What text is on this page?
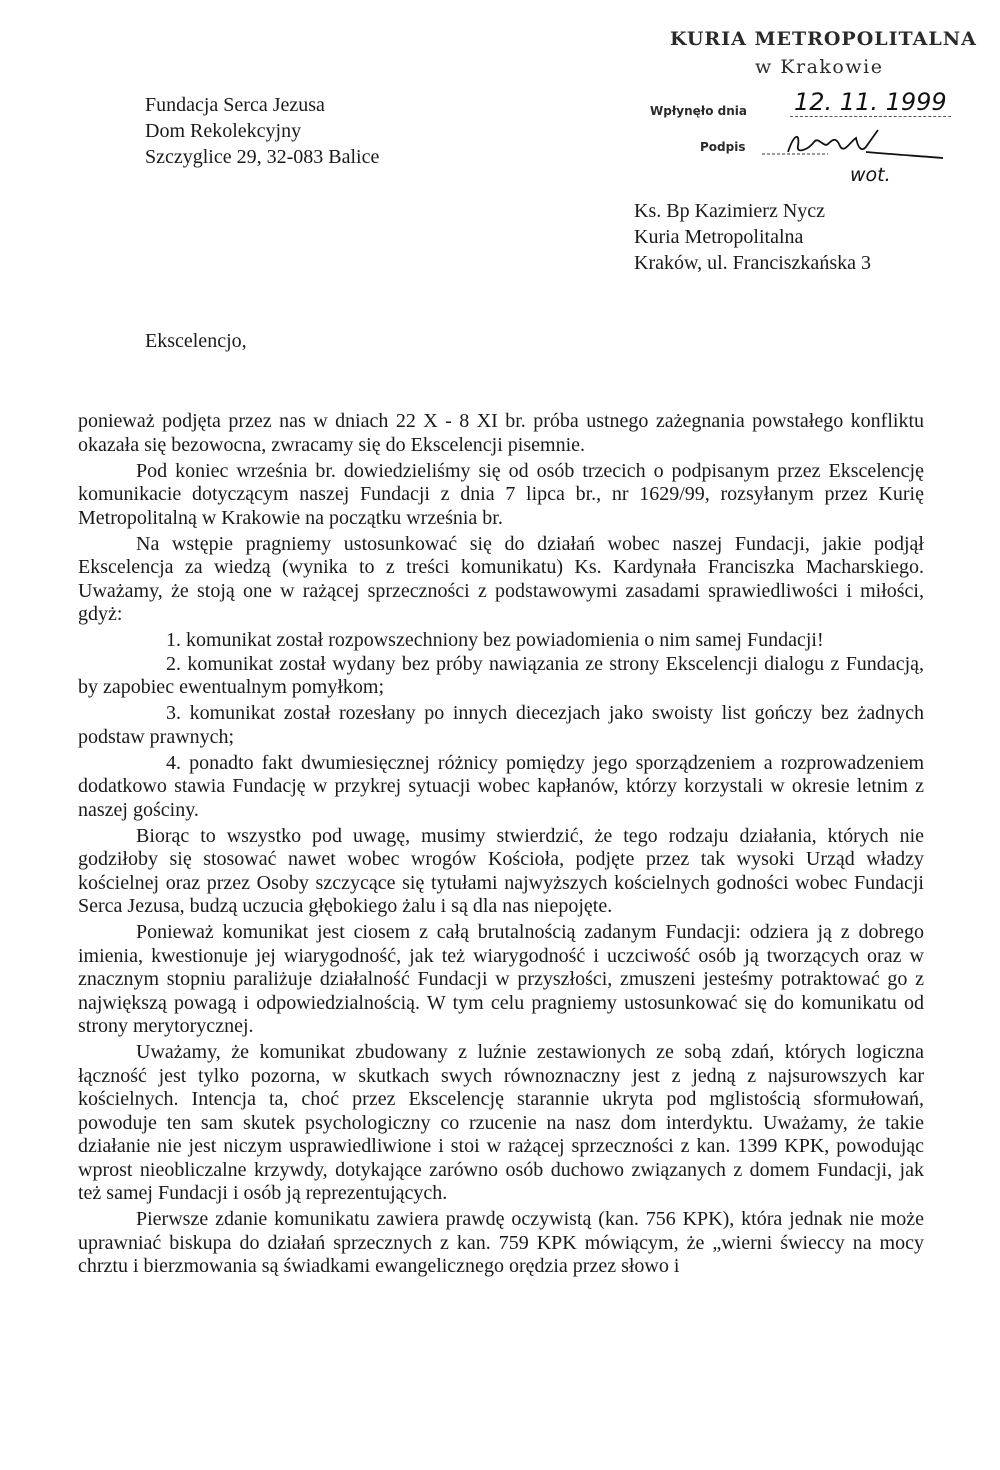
Fundacja Serca Jezusa
Dom Rekolekcyjny
Szczyglice 29, 32-083 Balice
KURIA METROPOLITALNA
w Krakowie
Wpłynęło dnia 12. 11. 1999
Podpis
wot.
Ks. Bp Kazimierz Nycz
Kuria Metropolitalna
Kraków, ul. Franciszkańska 3
Ekscelencjo,

ponieważ podjęta przez nas w dniach 22 X - 8 XI br. próba ustnego zażegnania powstałego konfliktu okazała się bezowocna, zwracamy się do Ekscelencji pisemnie.

Pod koniec września br. dowiedzieliśmy się od osób trzecich o podpisanym przez Ekscelencję komunikacie dotyczącym naszej Fundacji z dnia 7 lipca br., nr 1629/99, rozsyłanym przez Kurię Metropolitalną w Krakowie na początku września br.

Na wstępie pragniemy ustosunkować się do działań wobec naszej Fundacji, jakie podjął Ekscelencja za wiedzą (wynika to z treści komunikatu) Ks. Kardynała Franciszka Macharskiego. Uważamy, że stoją one w rażącej sprzeczności z podstawowymi zasadami sprawiedliwości i miłości, gdyż:

1. komunikat został rozpowszechniony bez powiadomienia o nim samej Fundacji!

2. komunikat został wydany bez próby nawiązania ze strony Ekscelencji dialogu z Fundacją, by zapobiec ewentualnym pomyłkom;

3. komunikat został rozesłany po innych diecezjach jako swoisty list gończy bez żadnych podstaw prawnych;

4. ponadto fakt dwumiesięcznej różnicy pomiędzy jego sporządzeniem a rozprowadzeniem dodatkowo stawia Fundację w przykrej sytuacji wobec kapłanów, którzy korzystali w okresie letnim z naszej gościny.

Biorąc to wszystko pod uwagę, musimy stwierdzić, że tego rodzaju działania, których nie godziłoby się stosować nawet wobec wrogów Kościoła, podjęte przez tak wysoki Urząd władzy kościelnej oraz przez Osoby szczycące się tytułami najwyższych kościelnych godności wobec Fundacji Serca Jezusa, budzą uczucia głębokiego żalu i są dla nas niepojęte.

Ponieważ komunikat jest ciosem z całą brutalnością zadanym Fundacji: odziera ją z dobrego imienia, kwestionuje jej wiarygodność, jak też wiarygodność i uczciwość osób ją tworzących oraz w znacznym stopniu paraliżuje działalność Fundacji w przyszłości, zmuszeni jesteśmy potraktować go z największą powagą i odpowiedzialnością. W tym celu pragniemy ustosunkować się do komunikatu od strony merytorycznej.

Uważamy, że komunikat zbudowany z luźnie zestawionych ze sobą zdań, których logiczna łączność jest tylko pozorna, w skutkach swych równoznaczny jest z jedną z najsurowszych kar kościelnych. Intencja ta, choć przez Ekscelencję starannie ukryta pod mglistością sformułowań, powoduje ten sam skutek psychologiczny co rzucenie na nasz dom interdyktu. Uważamy, że takie działanie nie jest niczym usprawiedliwione i stoi w rażącej sprzeczności z kan. 1399 KPK, powodując wprost nieobliczalne krzywdy, dotykające zarówno osób duchowo związanych z domem Fundacji, jak też samej Fundacji i osób ją reprezentujących.

Pierwsze zdanie komunikatu zawiera prawdę oczywistą (kan. 756 KPK), która jednak nie może uprawniać biskupa do działań sprzecznych z kan. 759 KPK mówiącym, że „wierni świeccy na mocy chrztu i bierzmowania są świadkami ewangelicznego orędzia przez słowo i
